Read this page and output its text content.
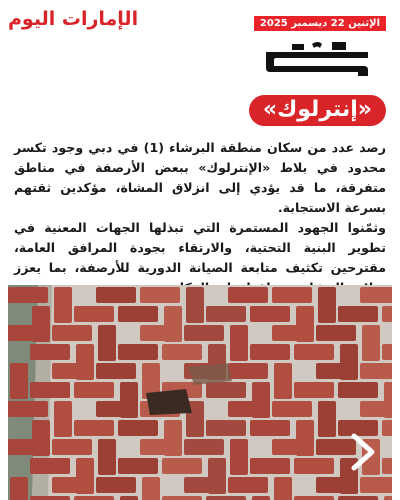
الإمارات اليوم	الإثنين 22 ديسمبر 2025
«إنترلوك»

رصد عدد من سكان منطقة البرشاء (1) في دبي وجود تكسر محدود في بلاط «الإنترلوك» ببعض الأرصفة في مناطق متفرقة، ما قد يؤدي إلى انزلاق المشاة، مؤكدين ثقتهم بسرعة الاستجابة.

وثمّنوا الجهود المستمرة التي تبذلها الجهات المعنية في تطوير البنية التحتية، والارتقاء بجودة المرافق العامة، مقترحين تكثيف متابعة الصيانة الدورية للأرصفة، بما يعزز
